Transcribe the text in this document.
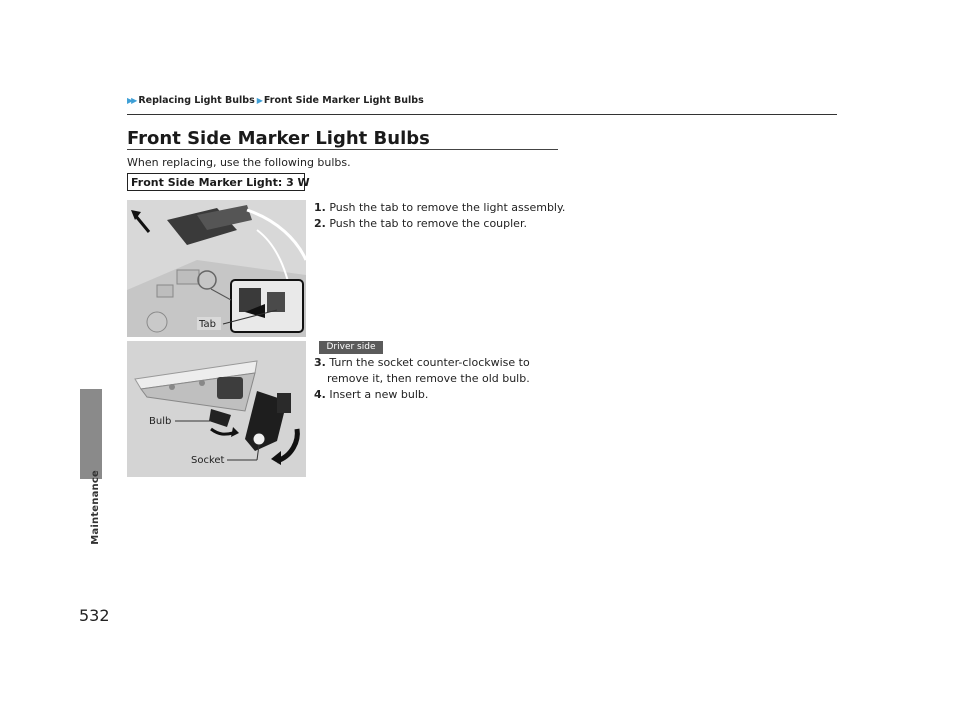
Maintenance
532
▶▶ Replacing Light Bulbs ▶Front Side Marker Light Bulbs
Front Side Marker Light Bulbs
When replacing, use the following bulbs.
Front Side Marker Light: 3 W
1. Push the tab to remove the light assembly.
2. Push the tab to remove the coupler.
Tab
Driver side
3. Turn the socket counter-clockwise to
remove it, then remove the old bulb.
4. Insert a new bulb.
Bulb
Socket
